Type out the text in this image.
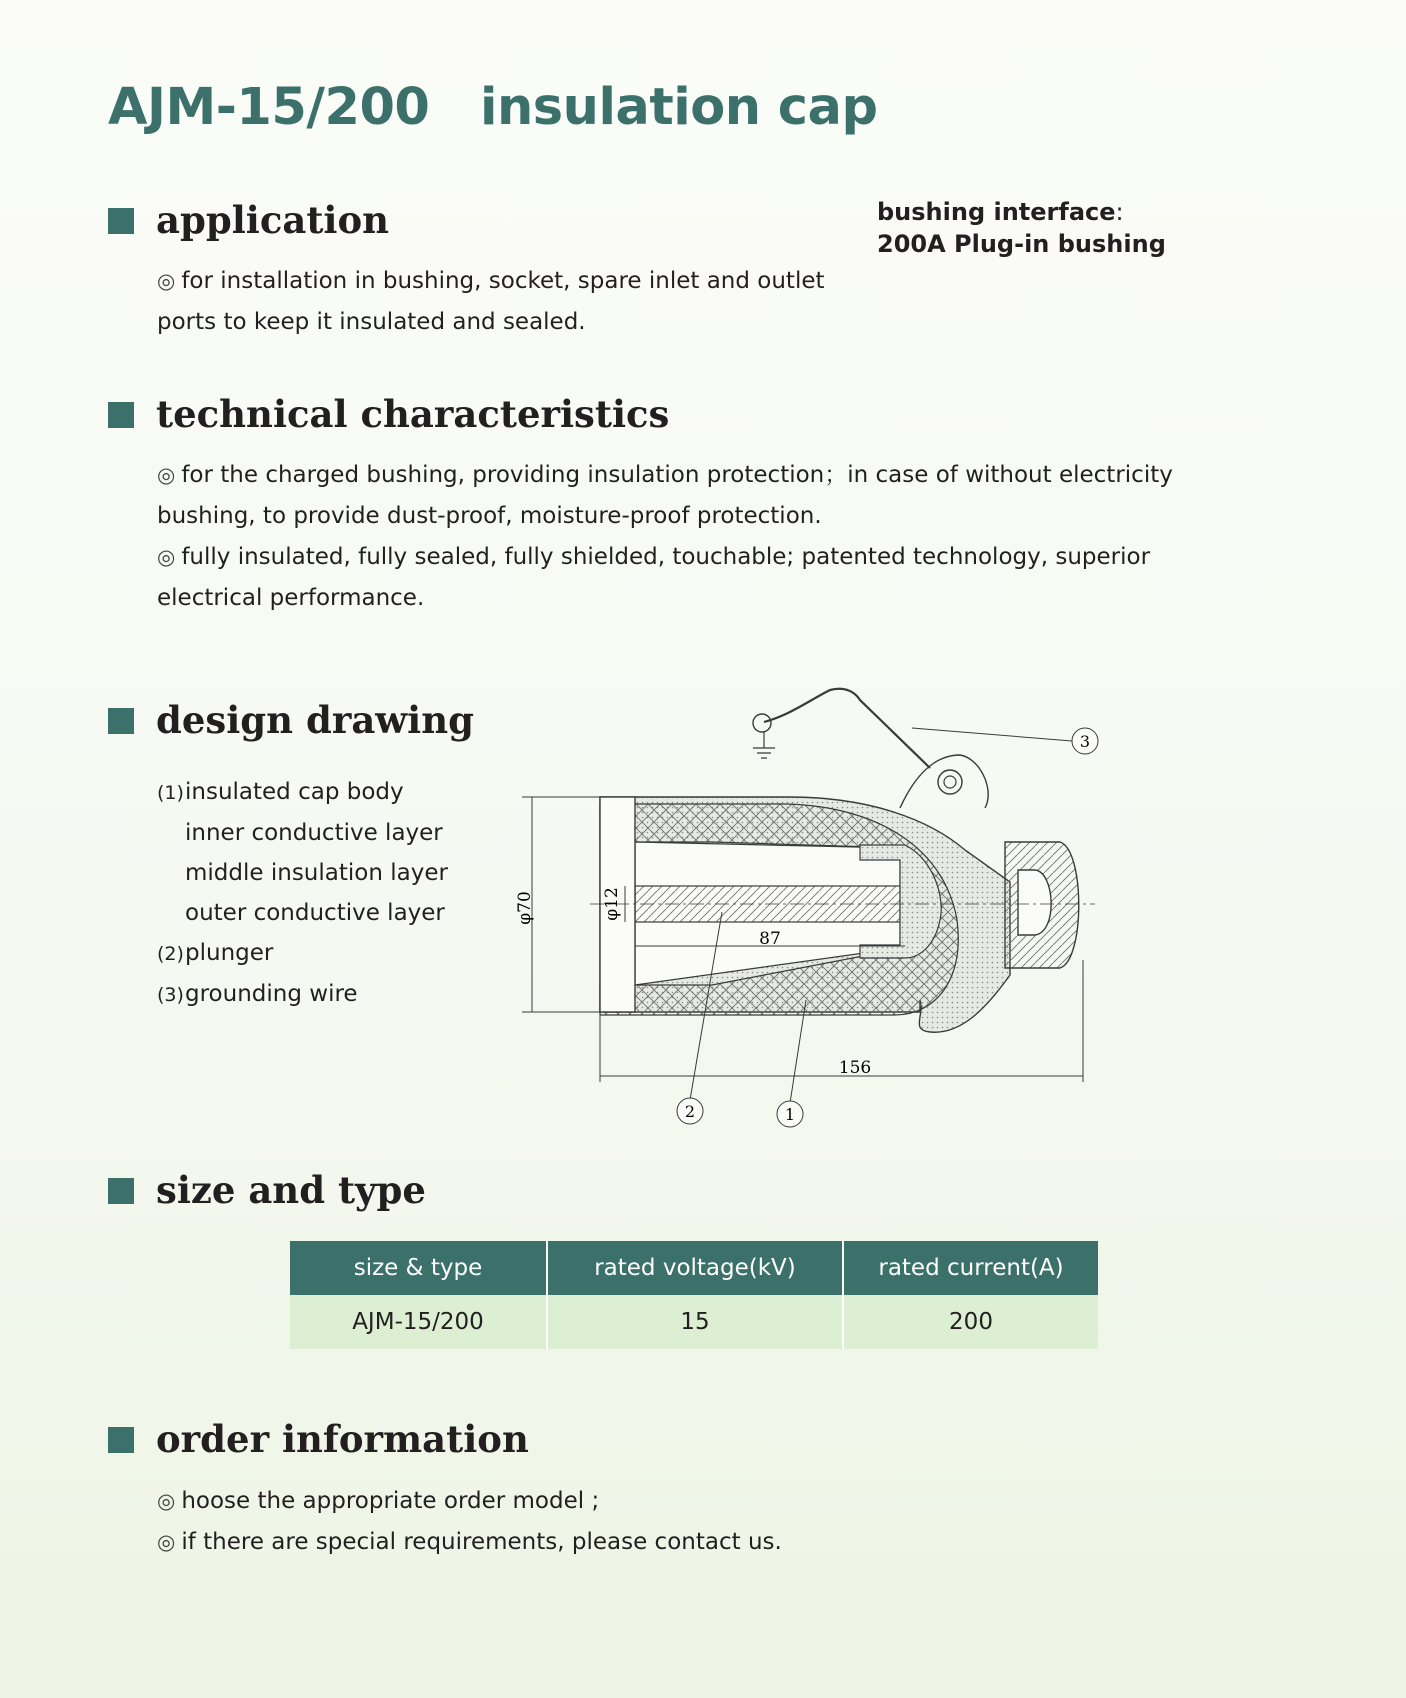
AJM-15/200 insulation cap
bushing interface:
200A Plug-in bushing
application
◎ for installation in bushing, socket, spare inlet and outlet
ports to keep it insulated and sealed.
technical characteristics
◎ for the charged bushing, providing insulation protection；in case of without electricity
bushing, to provide dust-proof, moisture-proof protection.
◎ fully insulated, fully sealed, fully shielded, touchable; patented technology, superior
electrical performance.
design drawing
(1)insulated cap body
inner conductive layer
middle insulation layer
outer conductive layer
(2)plunger
(3)grounding wire
φ70	φ12
87
156
1
2
3
size and type
size & type	rated voltage(kV)	rated current(A)
AJM-15/200	15	200
order information
◎ hoose the appropriate order model ;
◎ if there are special requirements, please contact us.
